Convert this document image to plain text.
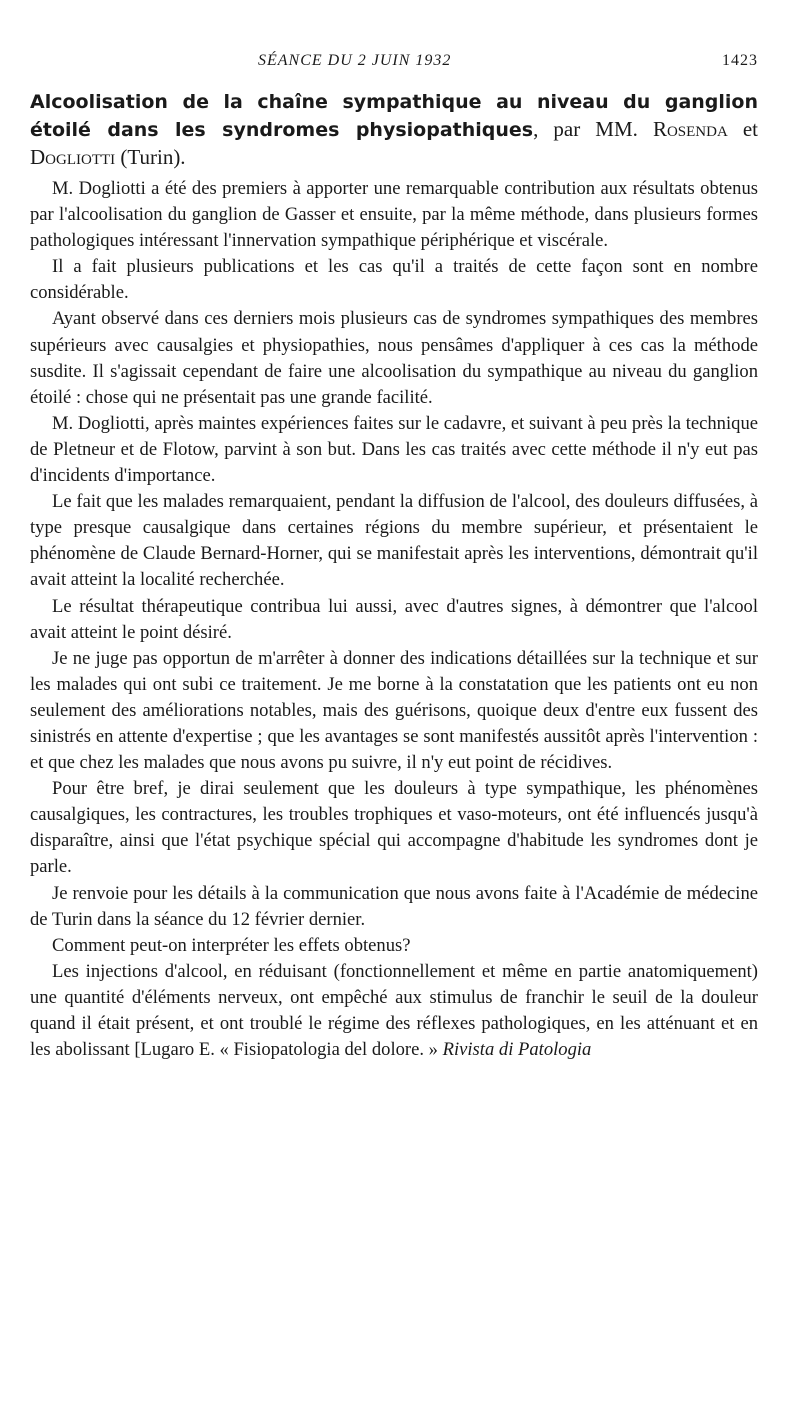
SÉANCE DU 2 JUIN 1932	1423
Alcoolisation de la chaîne sympathique au niveau du ganglion étoilé dans les syndromes physiopathiques, par MM. Rosenda et Dogliotti (Turin).

M. Dogliotti a été des premiers à apporter une remarquable contribution aux résultats obtenus par l'alcoolisation du ganglion de Gasser et ensuite, par la même méthode, dans plusieurs formes pathologiques intéressant l'innervation sympathique périphérique et viscérale.

Il a fait plusieurs publications et les cas qu'il a traités de cette façon sont en nombre considérable.

Ayant observé dans ces derniers mois plusieurs cas de syndromes sympathiques des membres supérieurs avec causalgies et physiopathies, nous pensâmes d'appliquer à ces cas la méthode susdite. Il s'agissait cependant de faire une alcoolisation du sympathique au niveau du ganglion étoilé : chose qui ne présentait pas une grande facilité.

M. Dogliotti, après maintes expériences faites sur le cadavre, et suivant à peu près la technique de Pletneur et de Flotow, parvint à son but. Dans les cas traités avec cette méthode il n'y eut pas d'incidents d'importance.

Le fait que les malades remarquaient, pendant la diffusion de l'alcool, des douleurs diffusées, à type presque causalgique dans certaines régions du membre supérieur, et présentaient le phénomène de Claude Bernard-Horner, qui se manifestait après les interventions, démontrait qu'il avait atteint la localité recherchée.

Le résultat thérapeutique contribua lui aussi, avec d'autres signes, à démontrer que l'alcool avait atteint le point désiré.

Je ne juge pas opportun de m'arrêter à donner des indications détaillées sur la technique et sur les malades qui ont subi ce traitement. Je me borne à la constatation que les patients ont eu non seulement des améliorations notables, mais des guérisons, quoique deux d'entre eux fussent des sinistrés en attente d'expertise ; que les avantages se sont manifestés aussitôt après l'intervention : et que chez les malades que nous avons pu suivre, il n'y eut point de récidives.

Pour être bref, je dirai seulement que les douleurs à type sympathique, les phénomènes causalgiques, les contractures, les troubles trophiques et vaso-moteurs, ont été influencés jusqu'à disparaître, ainsi que l'état psychique spécial qui accompagne d'habitude les syndromes dont je parle.

Je renvoie pour les détails à la communication que nous avons faite à l'Académie de médecine de Turin dans la séance du 12 février dernier.

Comment peut-on interpréter les effets obtenus?

Les injections d'alcool, en réduisant (fonctionnellement et même en partie anatomiquement) une quantité d'éléments nerveux, ont empêché aux stimulus de franchir le seuil de la douleur quand il était présent, et ont troublé le régime des réflexes pathologiques, en les atténuant et en les abolissant [Lugaro E. « Fisiopatologia del dolore. » Rivista di Patologia
